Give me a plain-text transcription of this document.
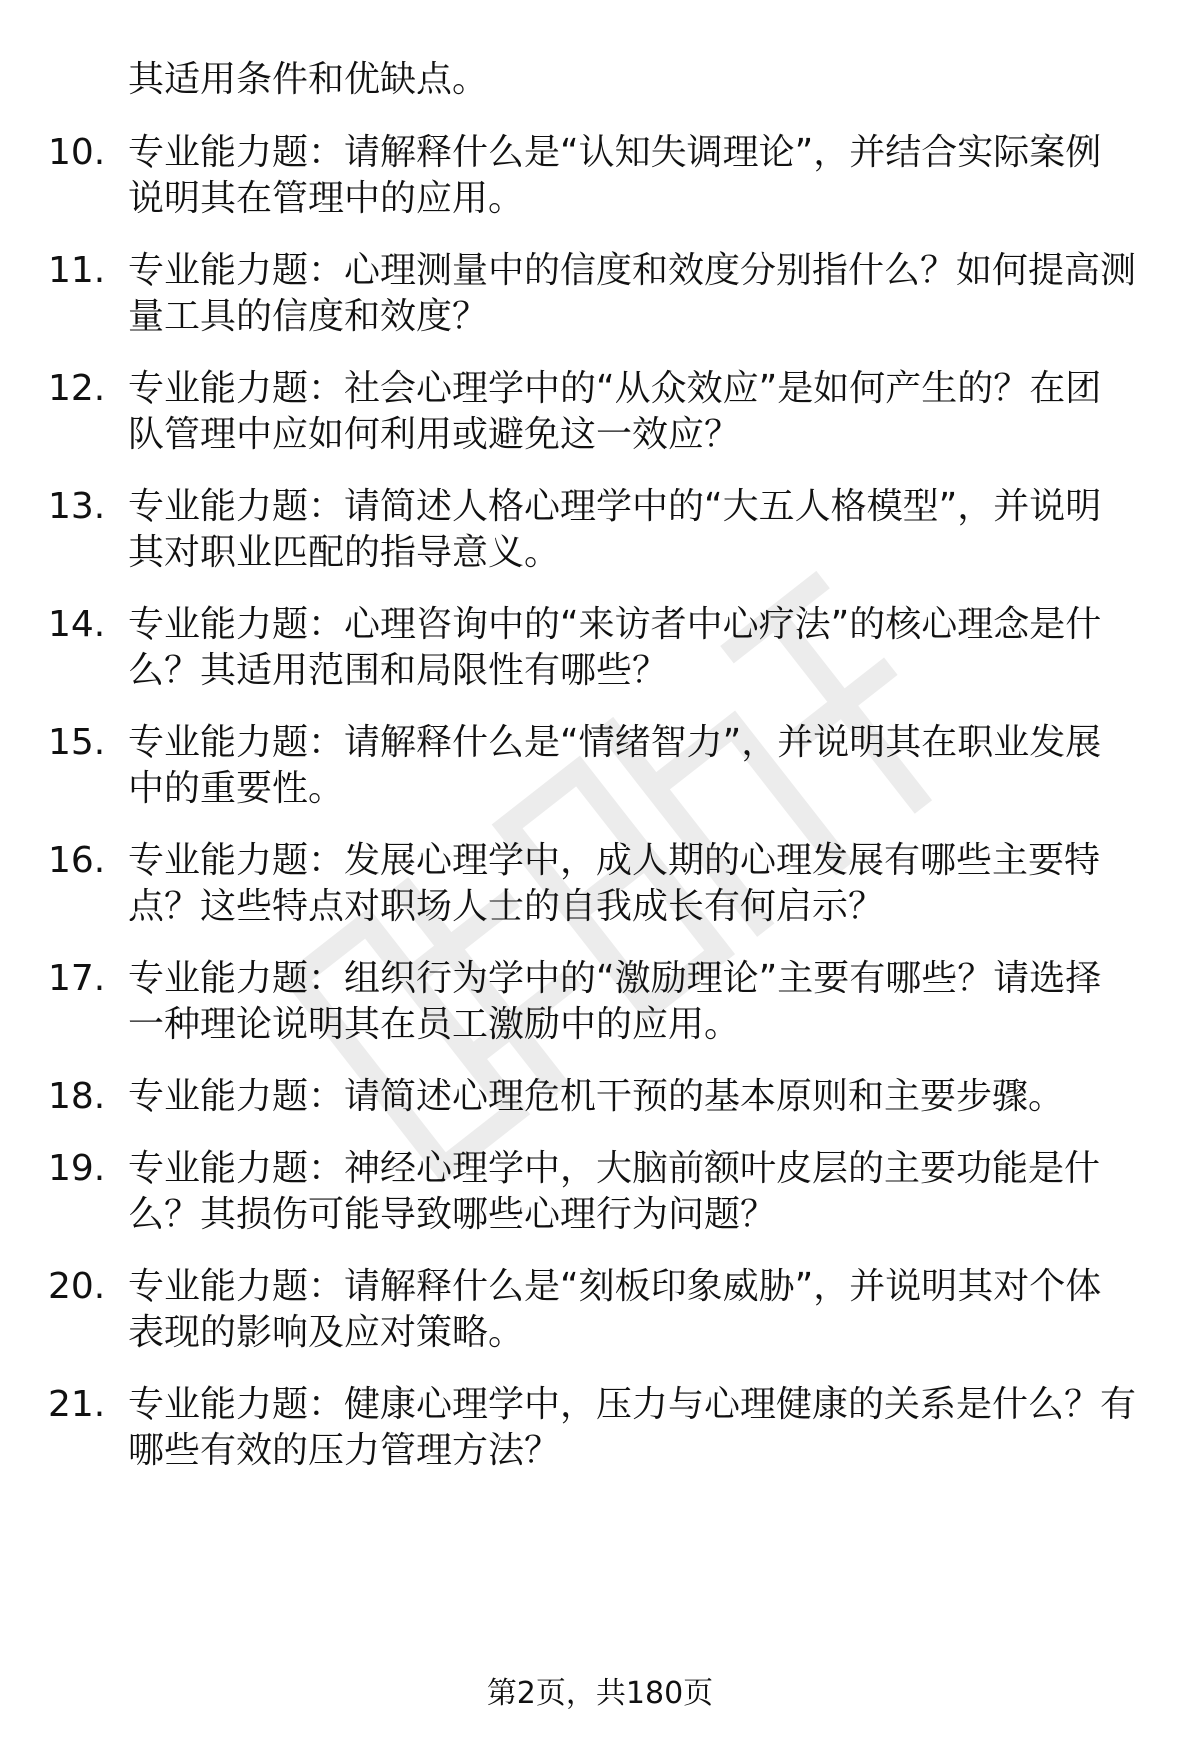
其适用条件和优缺点。
10. 专业能力题：请解释什么是“认知失调理论”，并结合实际案例
说明其在管理中的应用。
11. 专业能力题：心理测量中的信度和效度分别指什么？如何提高测
量工具的信度和效度？
12. 专业能力题：社会心理学中的“从众效应”是如何产生的？在团
队管理中应如何利用或避免这一效应？
13. 专业能力题：请简述人格心理学中的“大五人格模型”，并说明
其对职业匹配的指导意义。
14. 专业能力题：心理咨询中的“来访者中心疗法”的核心理念是什
么？其适用范围和局限性有哪些？
15. 专业能力题：请解释什么是“情绪智力”，并说明其在职业发展
中的重要性。
16. 专业能力题：发展心理学中，成人期的心理发展有哪些主要特
点？这些特点对职场人士的自我成长有何启示？
17. 专业能力题：组织行为学中的“激励理论”主要有哪些？请选择
一种理论说明其在员工激励中的应用。
18. 专业能力题：请简述心理危机干预的基本原则和主要步骤。
19. 专业能力题：神经心理学中，大脑前额叶皮层的主要功能是什
么？其损伤可能导致哪些心理行为问题？
20. 专业能力题：请解释什么是“刻板印象威胁”，并说明其对个体
表现的影响及应对策略。
21. 专业能力题：健康心理学中，压力与心理健康的关系是什么？有
哪些有效的压力管理方法？
第2页，共180页
